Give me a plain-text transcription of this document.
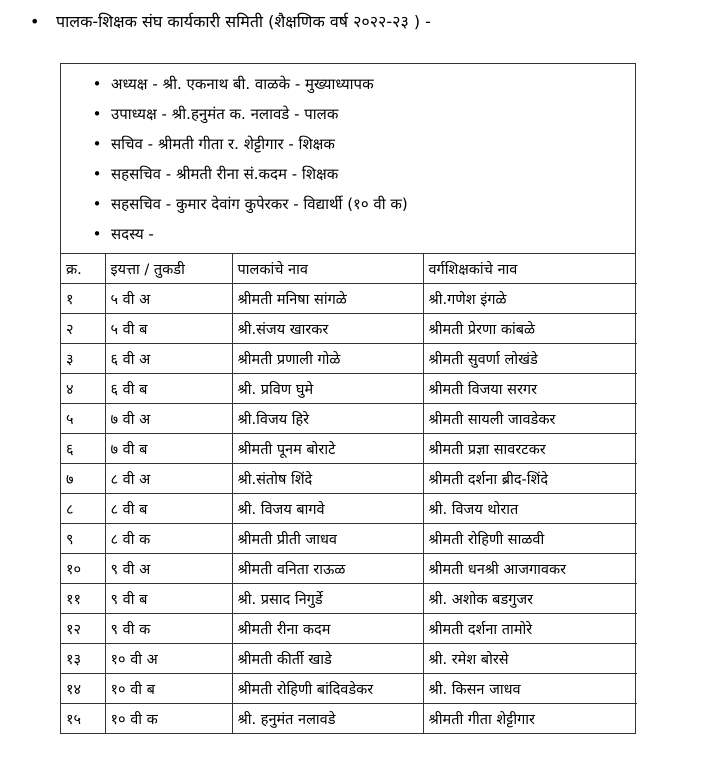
• पालक-शिक्षक संघ कार्यकारी समिती (शैक्षणिक वर्ष २०२२-२३ ) -
• अध्यक्ष - श्री. एकनाथ बी. वाळके - मुख्याध्यापक
• उपाध्यक्ष - श्री.हनुमंत क. नलावडे - पालक
• सचिव - श्रीमती गीता र. शेट्टीगार - शिक्षक
• सहसचिव - श्रीमती रीना सं.कदम - शिक्षक
• सहसचिव - कुमार देवांग कुपेरकर - विद्यार्थी (१० वी क)
• सदस्य -
क्र.	इयत्ता / तुकडी	पालकांचे नाव	वर्गशिक्षकांचे नाव
१	५ वी अ	श्रीमती मनिषा सांगळे	श्री.गणेश इंगळे
२	५ वी ब	श्री.संजय खारकर	श्रीमती प्रेरणा कांबळे
३	६ वी अ	श्रीमती प्रणाली गोळे	श्रीमती सुवर्णा लोखंडे
४	६ वी ब	श्री. प्रविण घुमे	श्रीमती विजया सरगर
५	७ वी अ	श्री.विजय हिरे	श्रीमती सायली जावडेकर
६	७ वी ब	श्रीमती पूनम बोराटे	श्रीमती प्रज्ञा सावरटकर
७	८ वी अ	श्री.संतोष शिंदे	श्रीमती दर्शना ब्रीद-शिंदे
८	८ वी ब	श्री. विजय बागवे	श्री. विजय थोरात
९	८ वी क	श्रीमती प्रीती जाधव	श्रीमती रोहिणी साळवी
१०	९ वी अ	श्रीमती वनिता राऊळ	श्रीमती धनश्री आजगावकर
११	९ वी ब	श्री. प्रसाद निगुर्डे	श्री. अशोक बडगुजर
१२	९ वी क	श्रीमती रीना कदम	श्रीमती दर्शना तामोरे
१३	१० वी अ	श्रीमती कीर्ती खाडे	श्री. रमेश बोरसे
१४	१० वी ब	श्रीमती रोहिणी बांदिवडेकर	श्री. किसन जाधव
१५	१० वी क	श्री. हनुमंत नलावडे	श्रीमती गीता शेट्टीगार
